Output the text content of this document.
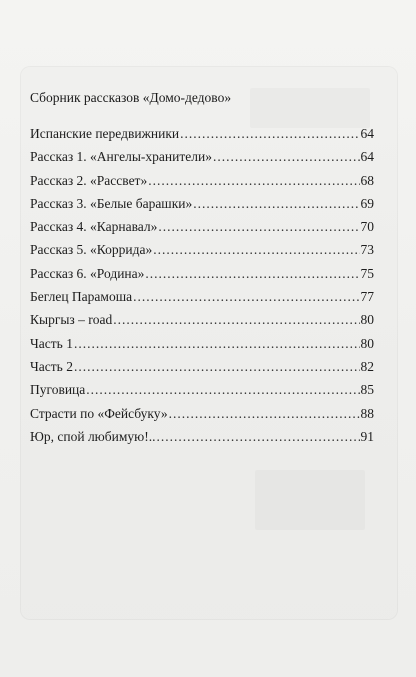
Сборник рассказов «Домо-дедово»
Испанские передвижники .....	64
Рассказ 1. «Ангелы-хранители» .....	64
Рассказ 2. «Рассвет» .....	68
Рассказ 3. «Белые барашки» .....	69
Рассказ 4. «Карнавал» .....	70
Рассказ 5. «Коррида» .....	73
Рассказ 6. «Родина» .....	75
Беглец Парамоша .....	77
Кыргыз – road .....	80
Часть 1 .....	80
Часть 2 .....	82
Пуговица .....	85
Страсти по «Фейсбуку» .....	88
Юр, спой любимую!.. .....	91
